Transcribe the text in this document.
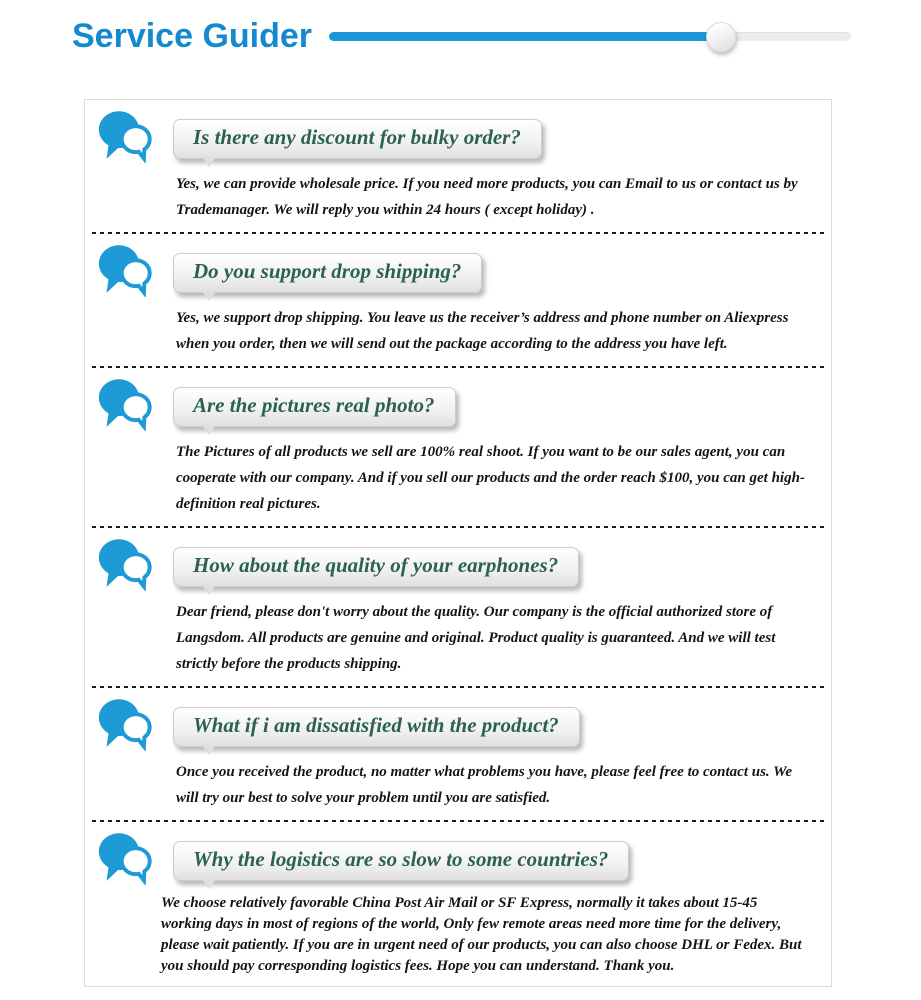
Service Guider
Is there any discount for bulky order?
Yes, we can provide wholesale price. If you need more products, you can Email to us or contact us by Trademanager. We will reply you within 24 hours ( except holiday) .
Do you support drop shipping?
Yes, we support drop shipping. You leave us the receiver’s address and phone number on Aliexpress when you order, then we will send out the package according to the address you have left.
Are the pictures real photo?
The Pictures of all products we sell are 100% real shoot. If you want to be our sales agent, you can cooperate with our company. And if you sell our products and the order reach $100, you can get high-definition real pictures.
How about the quality of your earphones?
Dear friend, please don't worry about the quality. Our company is the official authorized store of Langsdom. All products are genuine and original. Product quality is guaranteed. And we will test strictly before the products shipping.
What if i am dissatisfied with the product?
Once you received the product, no matter what problems you have, please feel free to contact us. We will try our best to solve your problem until you are satisfied.
Why the logistics are so slow to some countries?
We choose relatively favorable China Post Air Mail or SF Express, normally it takes about 15-45 working days in most of regions of the world, Only few remote areas need more time for the delivery, please wait patiently. If you are in urgent need of our products, you can also choose DHL or Fedex. But you should pay corresponding logistics fees. Hope you can understand. Thank you.
